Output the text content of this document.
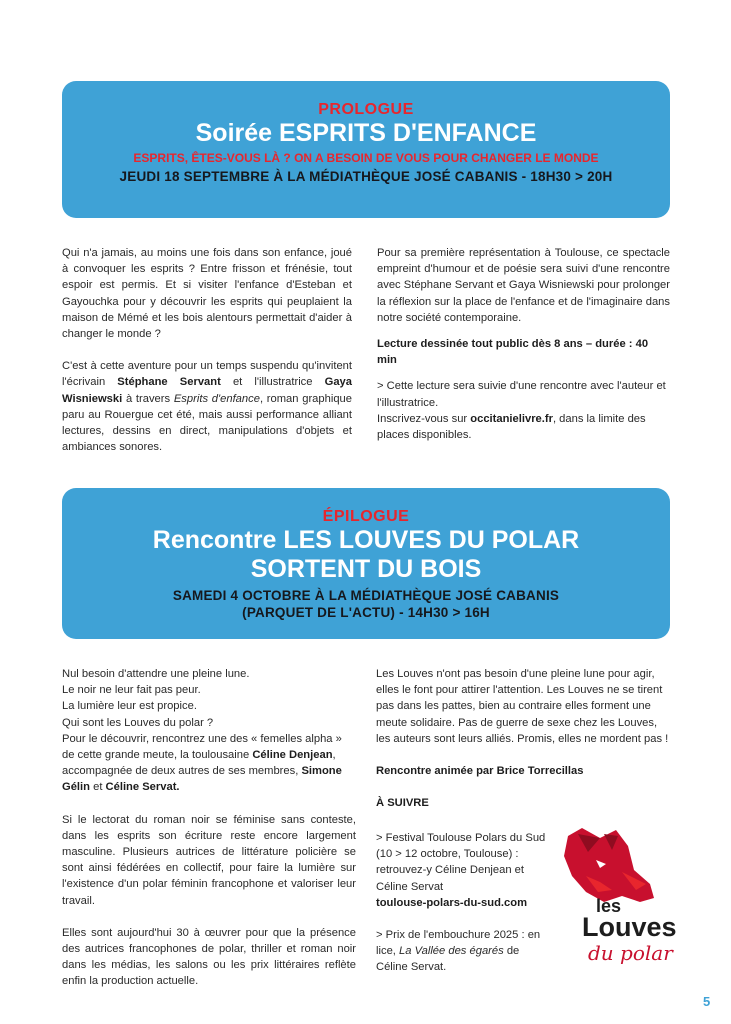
PROLOGUE
Soirée ESPRITS D'ENFANCE
ESPRITS, ÊTES-VOUS LÀ ? ON A BESOIN DE VOUS POUR CHANGER LE MONDE
JEUDI 18 SEPTEMBRE À LA MÉDIATHÈQUE JOSÉ CABANIS - 18H30 > 20H

Qui n'a jamais, au moins une fois dans son enfance, joué à convoquer les esprits ? Entre frisson et frénésie, tout espoir est permis. Et si visiter l'enfance d'Esteban et Gayouchka pour y découvrir les esprits qui peuplaient la maison de Mémé et les bois alentours permettait d'aider à changer le monde ?

C'est à cette aventure pour un temps suspendu qu'invitent l'écrivain Stéphane Servant et l'illustratrice Gaya Wisniewski à travers Esprits d'enfance, roman graphique paru au Rouergue cet été, mais aussi performance alliant lectures, dessins en direct, manipulations d'objets et ambiances sonores.

Pour sa première représentation à Toulouse, ce spectacle empreint d'humour et de poésie sera suivi d'une rencontre avec Stéphane Servant et Gaya Wisniewski pour prolonger la réflexion sur la place de l'enfance et de l'imaginaire dans notre société contemporaine.

Lecture dessinée tout public dès 8 ans – durée : 40 min

> Cette lecture sera suivie d'une rencontre avec l'auteur et l'illustratrice.

Inscrivez-vous sur occitanielivre.fr, dans la limite des places disponibles.

ÉPILOGUE
Rencontre LES LOUVES DU POLAR
SORTENT DU BOIS
SAMEDI 4 OCTOBRE À LA MÉDIATHÈQUE JOSÉ CABANIS
(PARQUET DE L'ACTU) - 14H30 > 16H

Nul besoin d'attendre une pleine lune.

Le noir ne leur fait pas peur.

La lumière leur est propice.

Qui sont les Louves du polar ?

Pour le découvrir, rencontrez une des « femelles alpha » de cette grande meute, la toulousaine Céline Denjean, accompagnée de deux autres de ses membres, Simone Gélin et Céline Servat.

Si le lectorat du roman noir se féminise sans conteste, dans les esprits son écriture reste encore largement masculine. Plusieurs autrices de littérature policière se sont ainsi fédérées en collectif, pour faire la lumière sur l'existence d'un polar féminin francophone et valoriser leur travail.

Elles sont aujourd'hui 30 à œuvrer pour que la présence des autrices francophones de polar, thriller et roman noir dans les médias, les salons ou les prix littéraires reflète enfin la production actuelle.

Les Louves n'ont pas besoin d'une pleine lune pour agir, elles le font pour attirer l'attention. Les Louves ne se tirent pas dans les pattes, bien au contraire elles forment une meute solidaire. Pas de guerre de sexe chez les Louves, les auteurs sont leurs alliés. Promis, elles ne mordent pas !

Rencontre animée par Brice Torrecillas

À SUIVRE

> Festival Toulouse Polars du Sud (10 > 12 octobre, Toulouse) : retrouvez-y Céline Denjean et Céline Servat

toulouse-polars-du-sud.com

> Prix de l'embouchure 2025 : en lice, La Vallée des égarés de Céline Servat.

les
Louves
du polar
5
